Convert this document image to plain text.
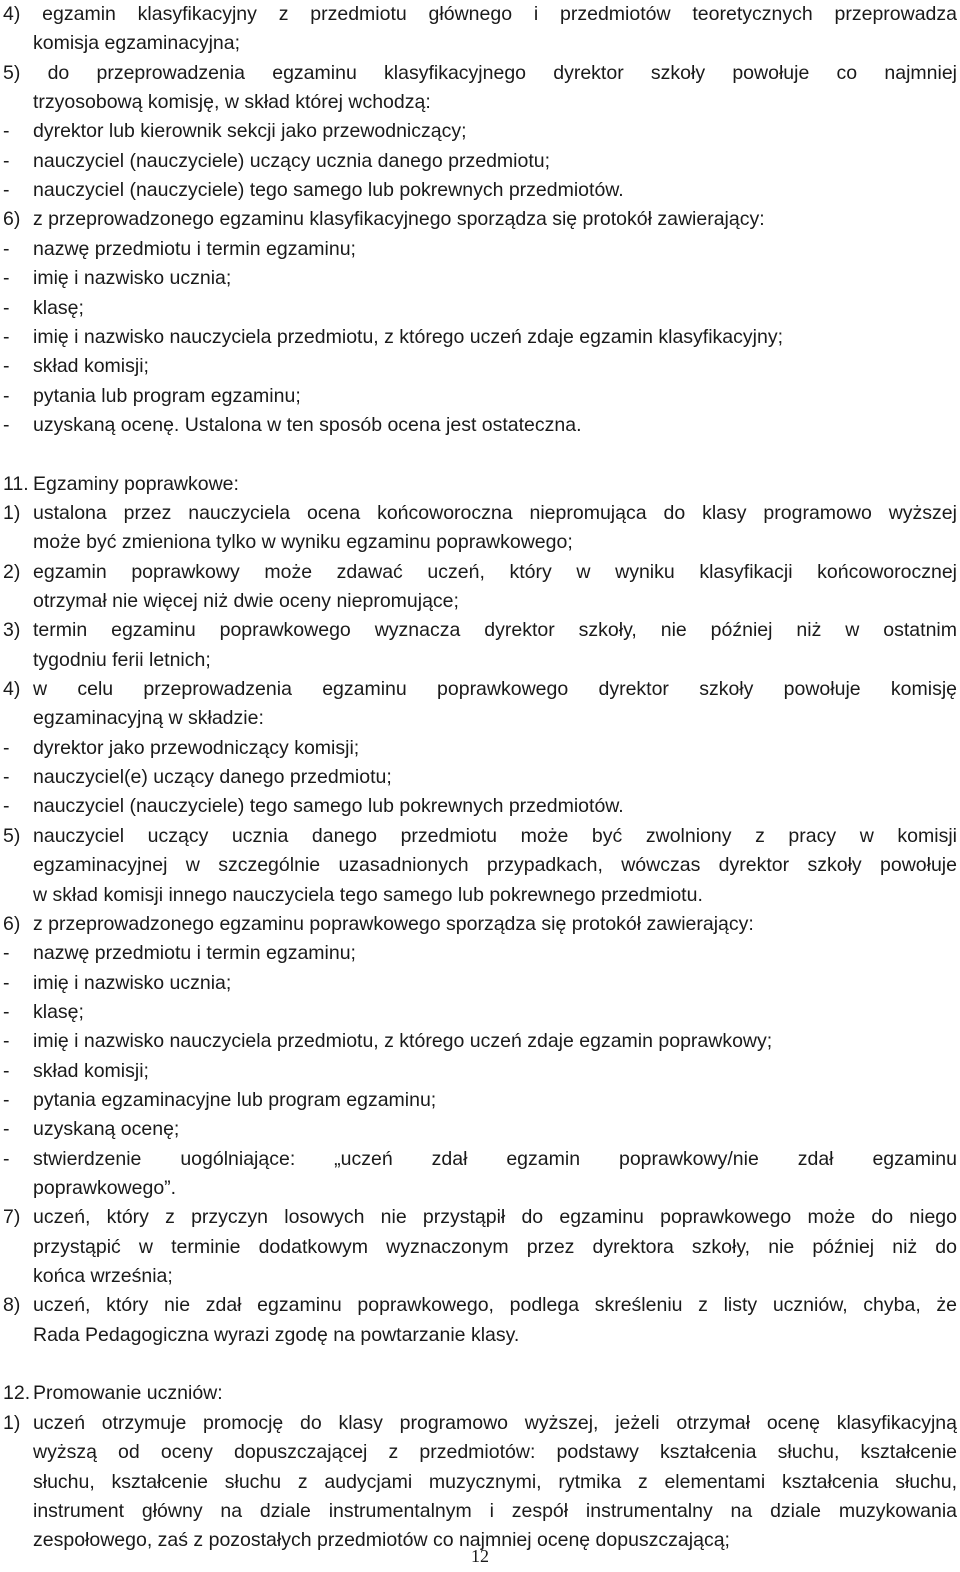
4) egzamin klasyfikacyjny z przedmiotu głównego i przedmiotów teoretycznych przeprowadza
komisja egzaminacyjna;
5) do przeprowadzenia egzaminu klasyfikacyjnego dyrektor szkoły powołuje co najmniej
trzyosobową komisję, w skład której wchodzą:
- dyrektor lub kierownik sekcji jako przewodniczący;
- nauczyciel (nauczyciele) uczący ucznia danego przedmiotu;
- nauczyciel (nauczyciele) tego samego lub pokrewnych przedmiotów.
6) z przeprowadzonego egzaminu klasyfikacyjnego sporządza się protokół zawierający:
- nazwę przedmiotu i termin egzaminu;
- imię i nazwisko ucznia;
- klasę;
- imię i nazwisko nauczyciela przedmiotu, z którego uczeń zdaje egzamin klasyfikacyjny;
- skład komisji;
- pytania lub program egzaminu;
- uzyskaną ocenę. Ustalona w ten sposób ocena jest ostateczna.
11. Egzaminy poprawkowe:
1) ustalona przez nauczyciela ocena końcoworoczna niepromująca do klasy programowo wyższej
może być zmieniona tylko w wyniku egzaminu poprawkowego;
2) egzamin poprawkowy może zdawać uczeń, który w wyniku klasyfikacji końcoworocznej
otrzymał nie więcej niż dwie oceny niepromujące;
3) termin egzaminu poprawkowego wyznacza dyrektor szkoły, nie później niż w ostatnim
tygodniu ferii letnich;
4) w celu przeprowadzenia egzaminu poprawkowego dyrektor szkoły powołuje komisję
egzaminacyjną w składzie:
- dyrektor jako przewodniczący komisji;
- nauczyciel(e) uczący danego przedmiotu;
- nauczyciel (nauczyciele) tego samego lub pokrewnych przedmiotów.
5) nauczyciel uczący ucznia danego przedmiotu może być zwolniony z pracy w komisji
egzaminacyjnej w szczególnie uzasadnionych przypadkach, wówczas dyrektor szkoły powołuje
w skład komisji innego nauczyciela tego samego lub pokrewnego przedmiotu.
6) z przeprowadzonego egzaminu poprawkowego sporządza się protokół zawierający:
- nazwę przedmiotu i termin egzaminu;
- imię i nazwisko ucznia;
- klasę;
- imię i nazwisko nauczyciela przedmiotu, z którego uczeń zdaje egzamin poprawkowy;
- skład komisji;
- pytania egzaminacyjne lub program egzaminu;
- uzyskaną ocenę;
- stwierdzenie uogólniające: „uczeń zdał egzamin poprawkowy/nie zdał egzaminu
poprawkowego”.
7) uczeń, który z przyczyn losowych nie przystąpił do egzaminu poprawkowego może do niego
przystąpić w terminie dodatkowym wyznaczonym przez dyrektora szkoły, nie później niż do
końca września;
8) uczeń, który nie zdał egzaminu poprawkowego, podlega skreśleniu z listy uczniów, chyba, że
Rada Pedagogiczna wyrazi zgodę na powtarzanie klasy.
12. Promowanie uczniów:
1) uczeń otrzymuje promocję do klasy programowo wyższej, jeżeli otrzymał ocenę klasyfikacyjną
wyższą od oceny dopuszczającej z przedmiotów: podstawy kształcenia słuchu, kształcenie
słuchu, kształcenie słuchu z audycjami muzycznymi, rytmika z elementami kształcenia słuchu,
instrument główny na dziale instrumentalnym i zespół instrumentalny na dziale muzykowania
zespołowego, zaś z pozostałych przedmiotów co najmniej ocenę dopuszczającą;
12
